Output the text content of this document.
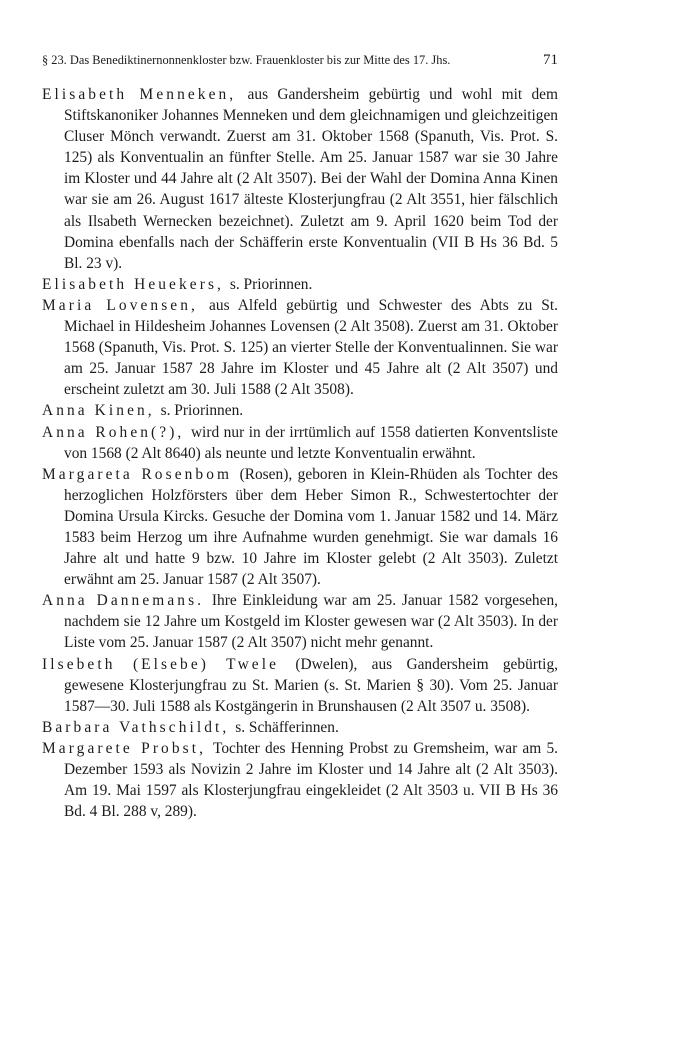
§ 23. Das Benediktinernonnenkloster bzw. Frauenkloster bis zur Mitte des 17. Jhs.	71

Elisabeth Menneken, aus Gandersheim gebürtig und wohl mit dem Stiftskanoniker Johannes Menneken und dem gleichnamigen und gleichzeitigen Cluser Mönch verwandt. Zuerst am 31. Oktober 1568 (Spanuth, Vis. Prot. S. 125) als Konventualin an fünfter Stelle. Am 25. Januar 1587 war sie 30 Jahre im Kloster und 44 Jahre alt (2 Alt 3507). Bei der Wahl der Domina Anna Kinen war sie am 26. August 1617 älteste Klosterjungfrau (2 Alt 3551, hier fälschlich als Ilsabeth Wernecken bezeichnet). Zuletzt am 9. April 1620 beim Tod der Domina ebenfalls nach der Schäfferin erste Konventualin (VII B Hs 36 Bd. 5 Bl. 23 v).

Elisabeth Heuekers, s. Priorinnen.

Maria Lovensen, aus Alfeld gebürtig und Schwester des Abts zu St. Michael in Hildesheim Johannes Lovensen (2 Alt 3508). Zuerst am 31. Oktober 1568 (Spanuth, Vis. Prot. S. 125) an vierter Stelle der Konventualinnen. Sie war am 25. Januar 1587 28 Jahre im Kloster und 45 Jahre alt (2 Alt 3507) und erscheint zuletzt am 30. Juli 1588 (2 Alt 3508).

Anna Kinen, s. Priorinnen.

Anna Rohen(?), wird nur in der irrtümlich auf 1558 datierten Konventsliste von 1568 (2 Alt 8640) als neunte und letzte Konventualin erwähnt.

Margareta Rosenbom (Rosen), geboren in Klein-Rhüden als Tochter des herzoglichen Holzförsters über dem Heber Simon R., Schwestertochter der Domina Ursula Kircks. Gesuche der Domina vom 1. Januar 1582 und 14. März 1583 beim Herzog um ihre Aufnahme wurden genehmigt. Sie war damals 16 Jahre alt und hatte 9 bzw. 10 Jahre im Kloster gelebt (2 Alt 3503). Zuletzt erwähnt am 25. Januar 1587 (2 Alt 3507).

Anna Dannemans. Ihre Einkleidung war am 25. Januar 1582 vorgesehen, nachdem sie 12 Jahre um Kostgeld im Kloster gewesen war (2 Alt 3503). In der Liste vom 25. Januar 1587 (2 Alt 3507) nicht mehr genannt.

Ilsebeth (Elsebe) Twele (Dwelen), aus Gandersheim gebürtig, gewesene Klosterjungfrau zu St. Marien (s. St. Marien § 30). Vom 25. Januar 1587—30. Juli 1588 als Kostgängerin in Brunshausen (2 Alt 3507 u. 3508).

Barbara Vathschildt, s. Schäfferinnen.

Margarete Probst, Tochter des Henning Probst zu Gremsheim, war am 5. Dezember 1593 als Novizin 2 Jahre im Kloster und 14 Jahre alt (2 Alt 3503). Am 19. Mai 1597 als Klosterjungfrau eingekleidet (2 Alt 3503 u. VII B Hs 36 Bd. 4 Bl. 288 v, 289).
